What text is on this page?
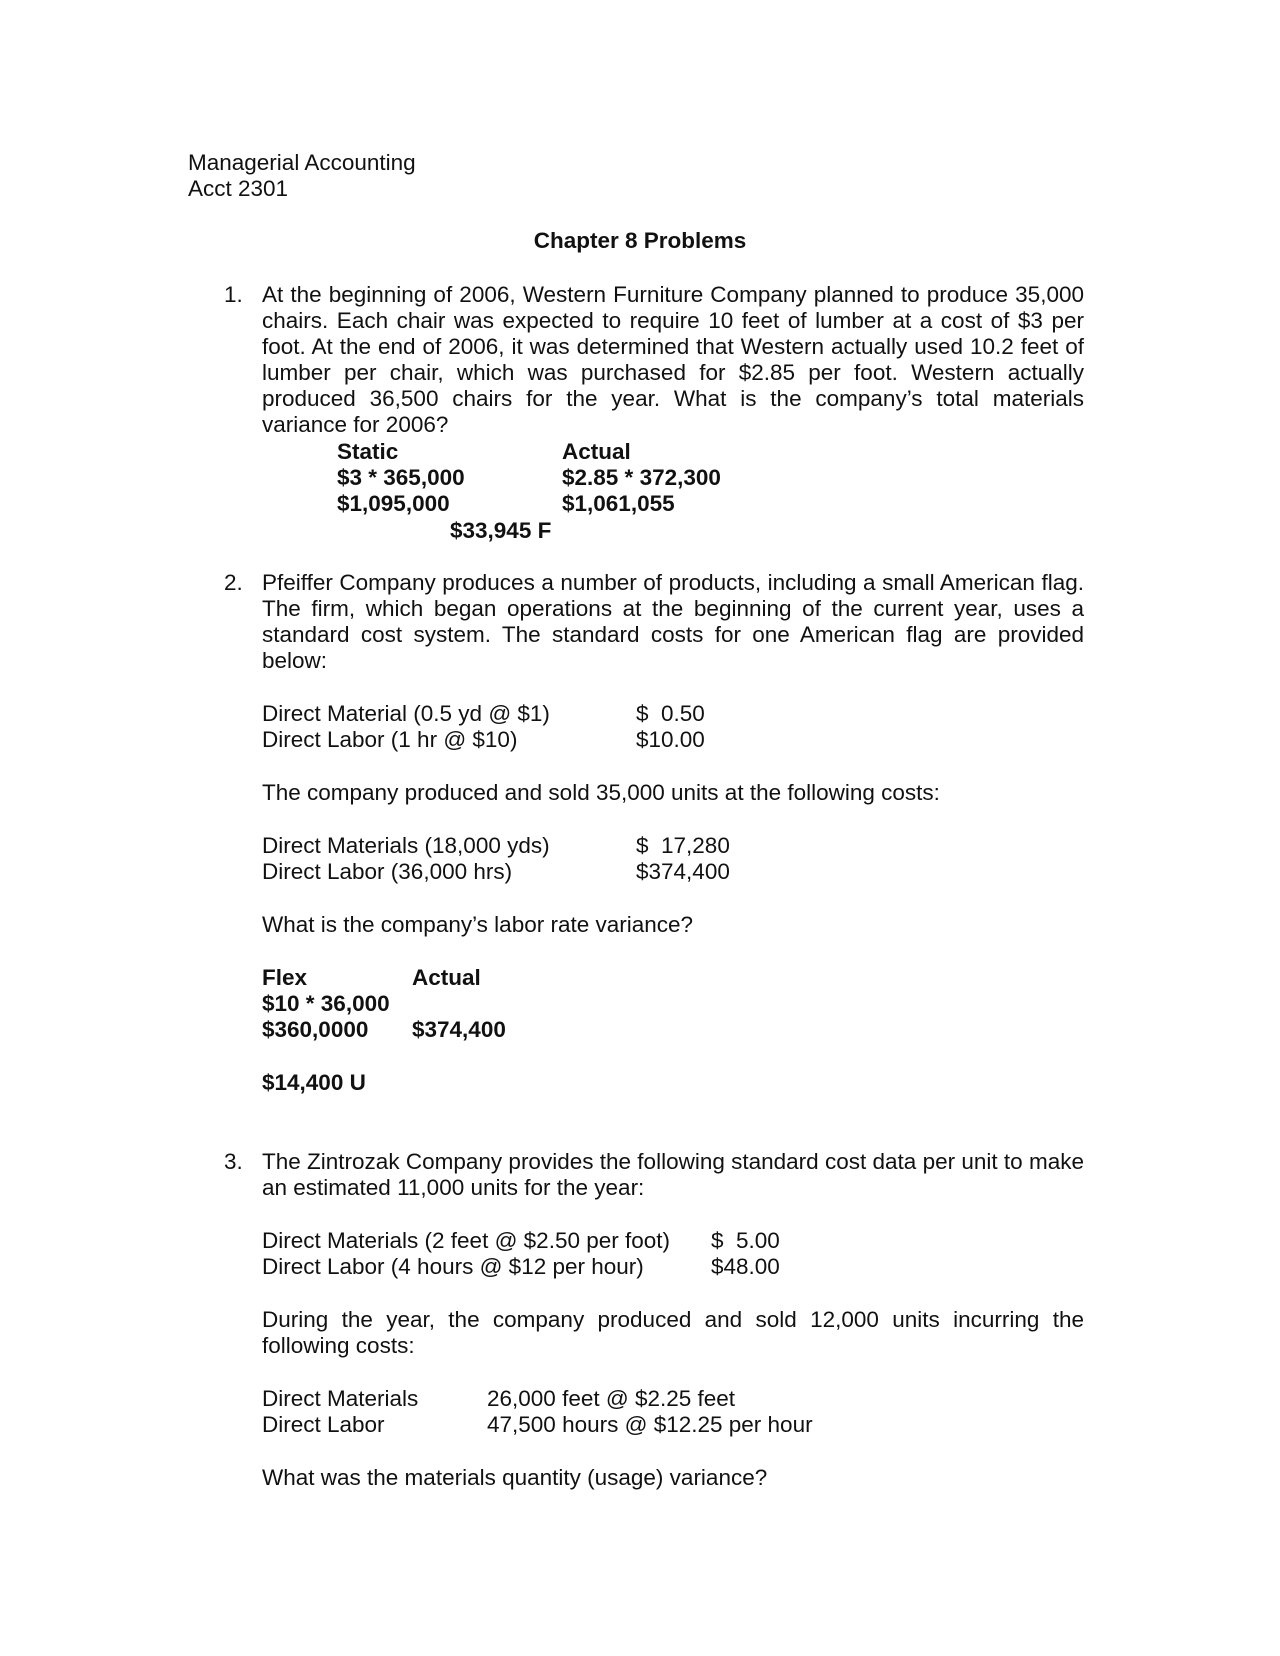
Managerial Accounting
Acct 2301
Chapter 8 Problems
1. At the beginning of 2006, Western Furniture Company planned to produce 35,000 chairs. Each chair was expected to require 10 feet of lumber at a cost of $3 per foot. At the end of 2006, it was determined that Western actually used 10.2 feet of lumber per chair, which was purchased for $2.85 per foot. Western actually produced 36,500 chairs for the year. What is the company’s total materials variance for 2006?
Static	Actual
$3 * 365,000	$2.85 * 372,300
$1,095,000	$1,061,055
$33,945 F
2. Pfeiffer Company produces a number of products, including a small American flag. The firm, which began operations at the beginning of the current year, uses a standard cost system. The standard costs for one American flag are provided below:
Direct Material (0.5 yd @ $1)	$  0.50
Direct Labor (1 hr @ $10)	$10.00
The company produced and sold 35,000 units at the following costs:
Direct Materials (18,000 yds)	$  17,280
Direct Labor (36,000 hrs)	$374,400
What is the company’s labor rate variance?
Flex	Actual
$10 * 36,000
$360,0000 $374,400
$14,400 U
3. The Zintrozak Company provides the following standard cost data per unit to make an estimated 11,000 units for the year:
Direct Materials (2 feet @ $2.50 per foot) $  5.00
Direct Labor (4 hours @ $12 per hour)	$48.00
During the year, the company produced and sold 12,000 units incurring the following costs:
Direct Materials	26,000 feet @ $2.25 feet
Direct Labor	47,500 hours @ $12.25 per hour
What was the materials quantity (usage) variance?
